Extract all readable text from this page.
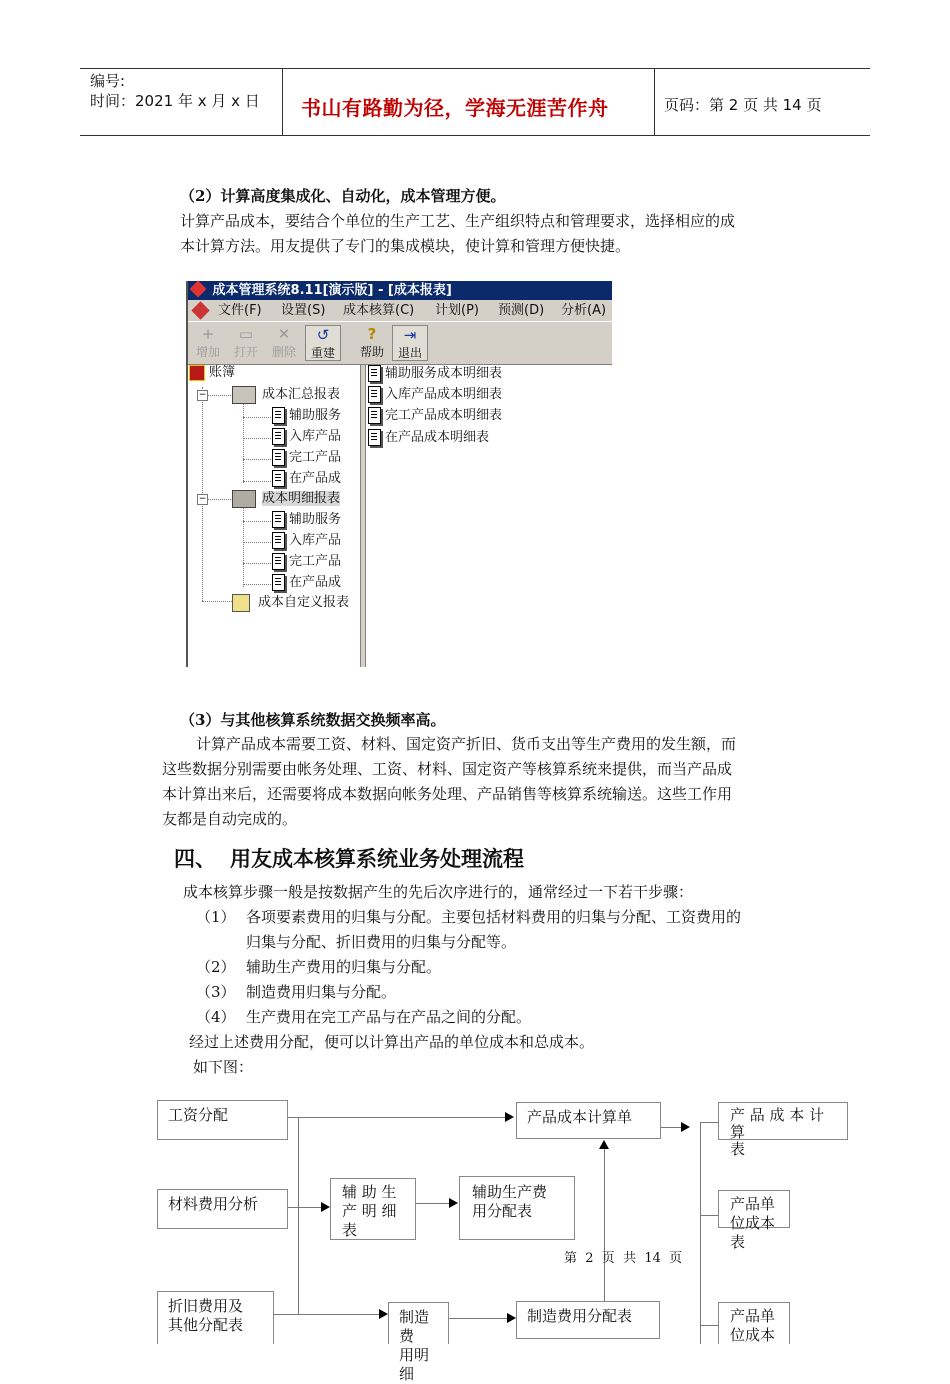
编号:
时间：2021 年 x 月 x 日 书山有路勤为径，学海无涯苦作舟	页码：第 2 页 共 14 页
（2）计算高度集成化、自动化，成本管理方便。
计算产品成本，要结合个单位的生产工艺、生产组织特点和管理要求，选择相应的成
本计算方法。用友提供了专门的集成模块，使计算和管理方便快捷。
成本管理系统8.11[演示版] - [成本报表]
文件(F) 设置(S) 成本核算(C) 计划(P) 预测(D) 分析(A)
+
增加
▭
打开
✕
删除
↺
重建
?
帮助
⇥
退出
账簿
−	成本汇总报表
辅助服务
入库产品
完工产品
在产品成
−	成本明细报表
辅助服务
入库产品
完工产品
在产品成
成本自定义报表
辅助服务成本明细表
入库产品成本明细表
完工产品成本明细表
在产品成本明细表
（3）与其他核算系统数据交换频率高。
计算产品成本需要工资、材料、国定资产折旧、货币支出等生产费用的发生额，而
这些数据分别需要由帐务处理、工资、材料、国定资产等核算系统来提供，而当产品成
本计算出来后，还需要将成本数据向帐务处理、产品销售等核算系统输送。这些工作用
友都是自动完成的。
四、 用友成本核算系统业务处理流程
成本核算步骤一般是按数据产生的先后次序进行的，通常经过一下若干步骤：
（1） 各项要素费用的归集与分配。主要包括材料费用的归集与分配、工资费用的
归集与分配、折旧费用的归集与分配等。
（2） 辅助生产费用的归集与分配。
（3） 制造费用归集与分配。
（4） 生产费用在完工产品与在产品之间的分配。
经过上述费用分配，便可以计算出产品的单位成本和总成本。
如下图：
工资分配
材料费用分析
折旧费用及
其他分配表
辅 助 生
产 明 细
表
辅助生产费
用分配表
制造费
用明细
制造费用分配表
产品成本计算单	产 品 成 本 计 算
表
产品单
位成本
表
产品单
位成本
第  2  页  共  14  页
